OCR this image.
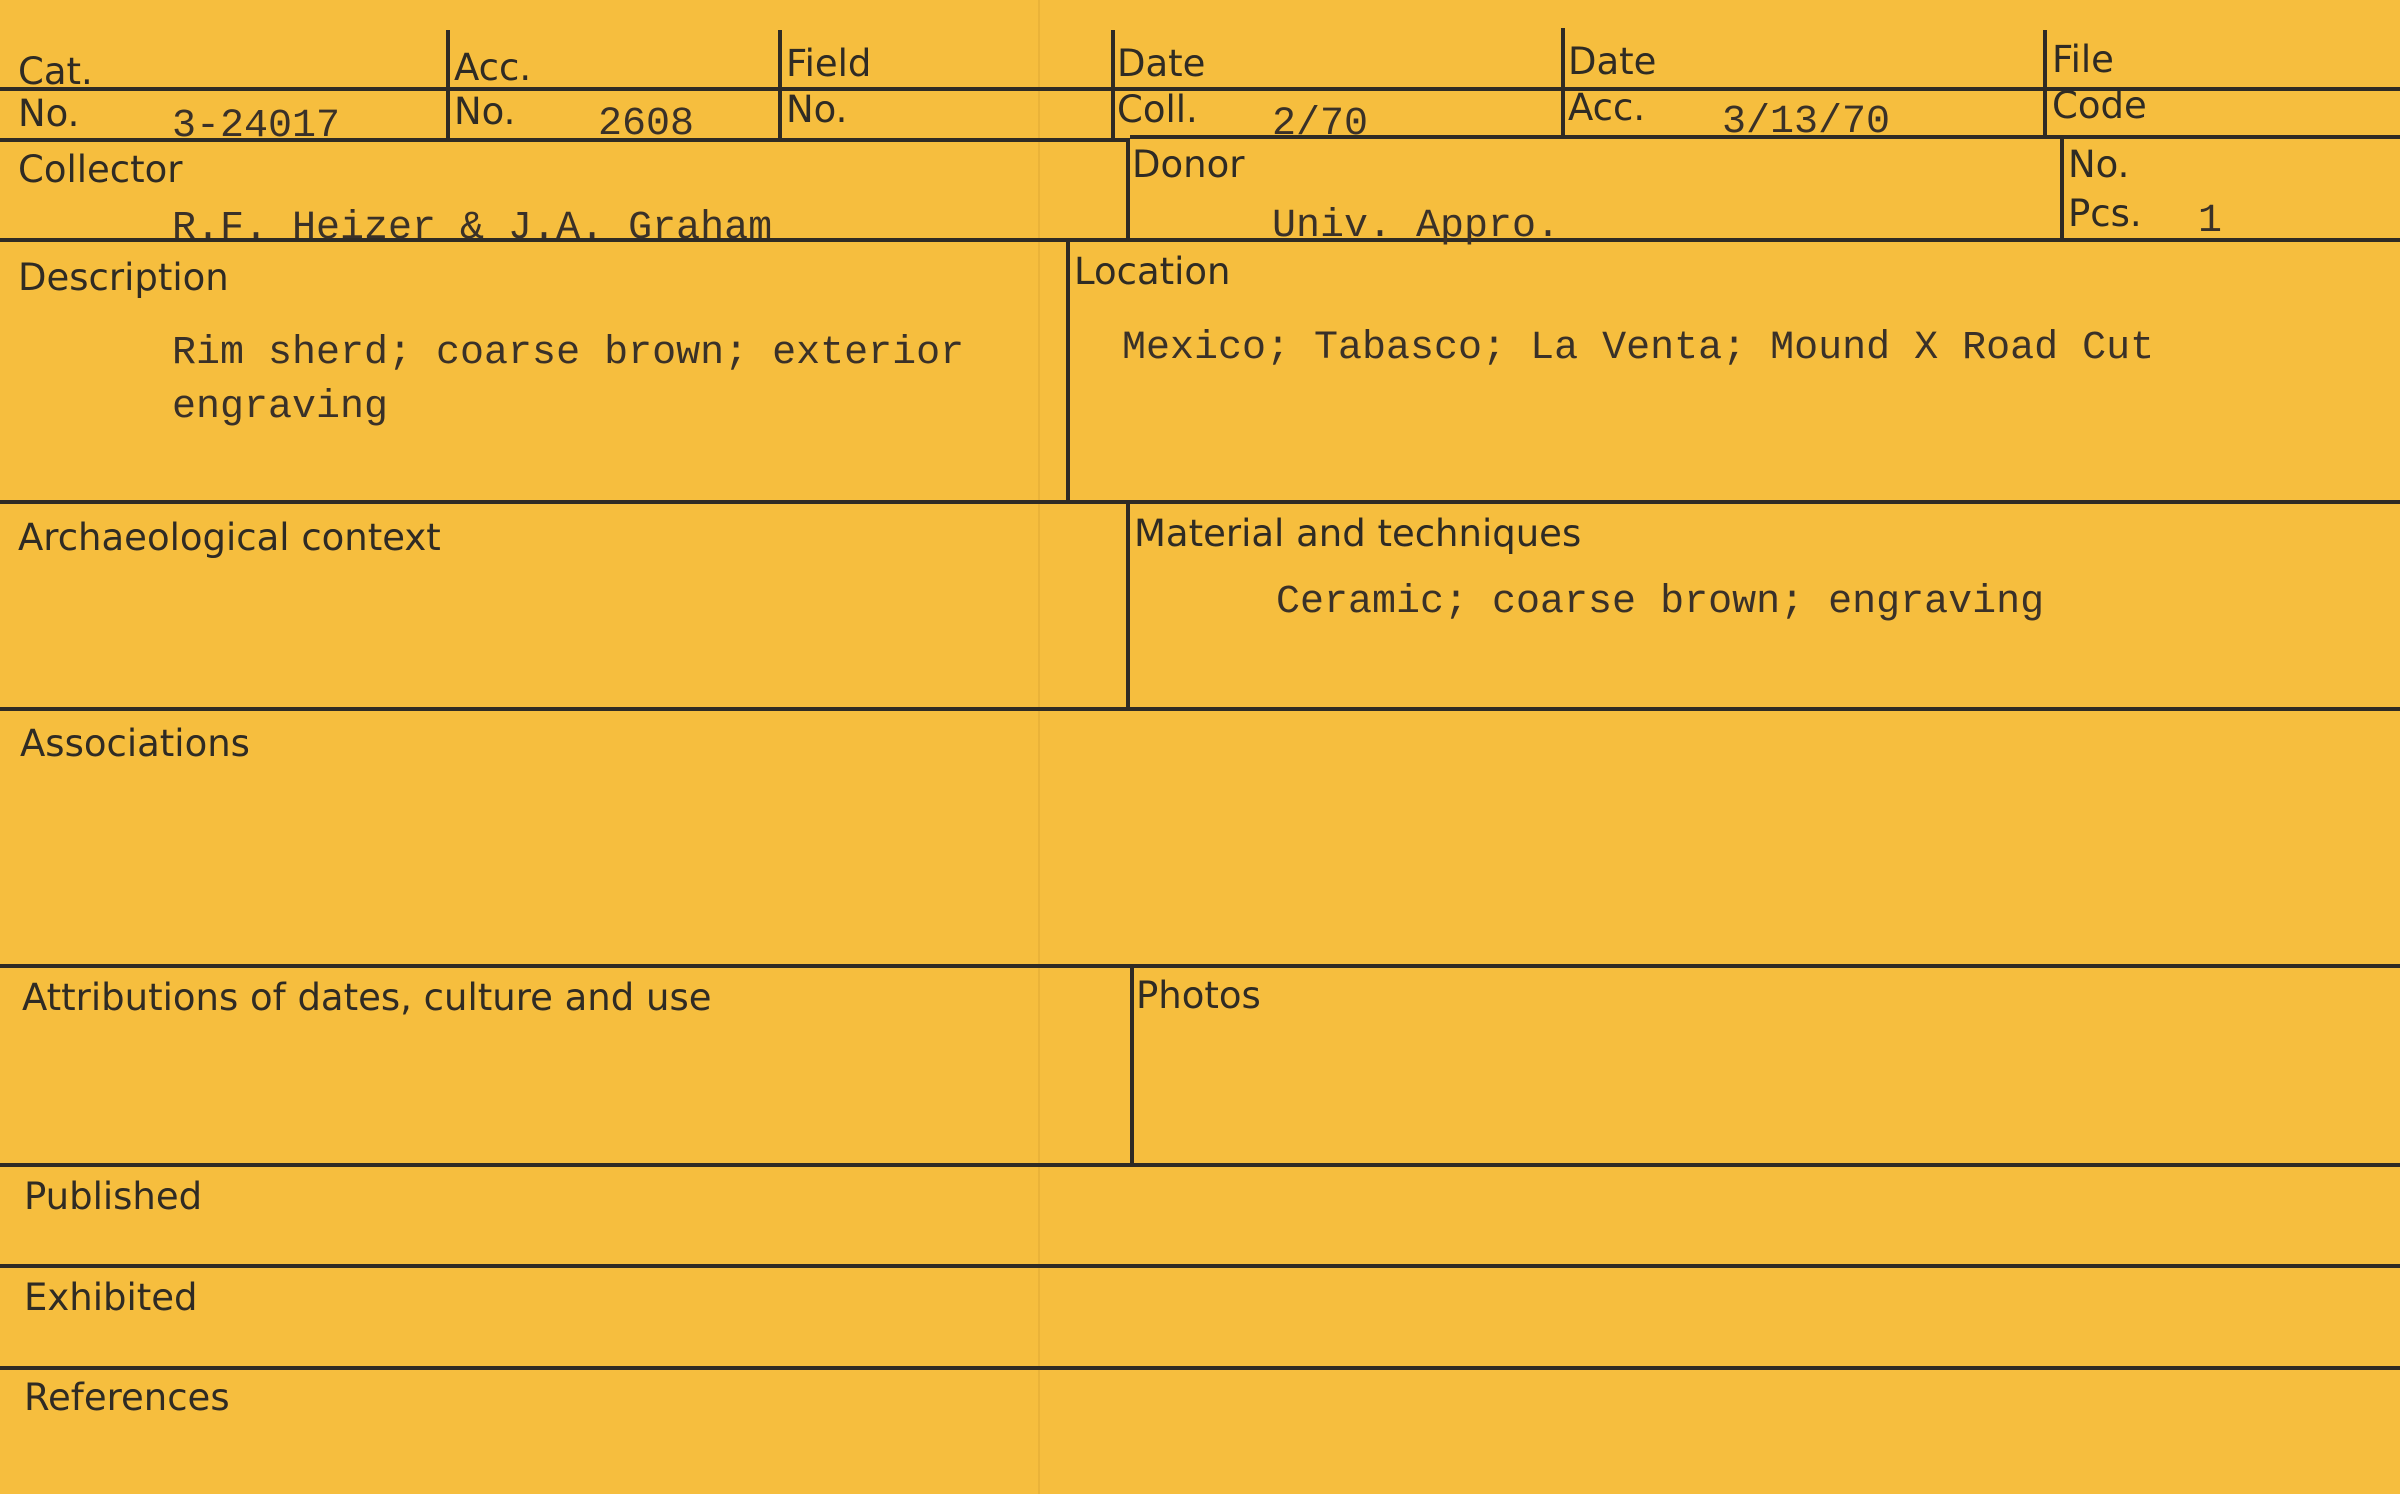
Cat.
No. 3-24017
Acc.
No. 2608
Field
No.
Date
Coll. 2/70
Date
Acc. 3/13/70
File
Code
Collector
R.F. Heizer & J.A. Graham
Donor
Univ. Appro.
No.
Pcs. 1
Description
Rim sherd; coarse brown; exterior
engraving
Location
Mexico; Tabasco; La Venta; Mound X Road Cut
Archaeological context	Material and techniques
Ceramic; coarse brown; engraving
Associations
Attributions of dates, culture and use	Photos
Published
Exhibited
References
